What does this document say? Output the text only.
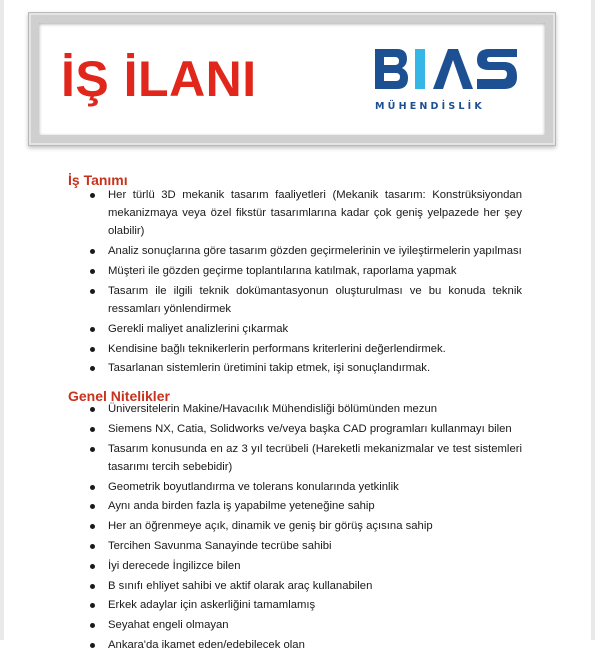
İŞ İLANI	MÜHENDİSLİK
İş Tanımı
Her türlü 3D mekanik tasarım faaliyetleri (Mekanik tasarım: Konstrüksiyondan mekanizmaya veya özel fikstür tasarımlarına kadar çok geniş yelpazede her şey olabilir)
Analiz sonuçlarına göre tasarım gözden geçirmelerinin ve iyileştirmelerin yapılması
Müşteri ile gözden geçirme toplantılarına katılmak, raporlama yapmak
Tasarım ile ilgili teknik dokümantasyonun oluşturulması ve bu konuda teknik ressamları yönlendirmek
Gerekli maliyet analizlerini çıkarmak
Kendisine bağlı teknikerlerin performans kriterlerini değerlendirmek.
Tasarlanan sistemlerin üretimini takip etmek, işi sonuçlandırmak.
Genel Nitelikler
Üniversitelerin Makine/Havacılık Mühendisliği bölümünden mezun
Siemens NX, Catia, Solidworks ve/veya başka CAD programları kullanmayı bilen
Tasarım konusunda en az 3 yıl tecrübeli (Hareketli mekanizmalar ve test sistemleri tasarımı tercih sebebidir)
Geometrik boyutlandırma ve tolerans konularında yetkinlik
Aynı anda birden fazla iş yapabilme yeteneğine sahip
Her an öğrenmeye açık, dinamik ve geniş bir görüş açısına sahip
Tercihen Savunma Sanayinde tecrübe sahibi
İyi derecede İngilizce bilen
B sınıfı ehliyet sahibi ve aktif olarak araç kullanabilen
Erkek adaylar için askerliğini tamamlamış
Seyahat engeli olmayan
Ankara'da ikamet eden/edebilecek olan
